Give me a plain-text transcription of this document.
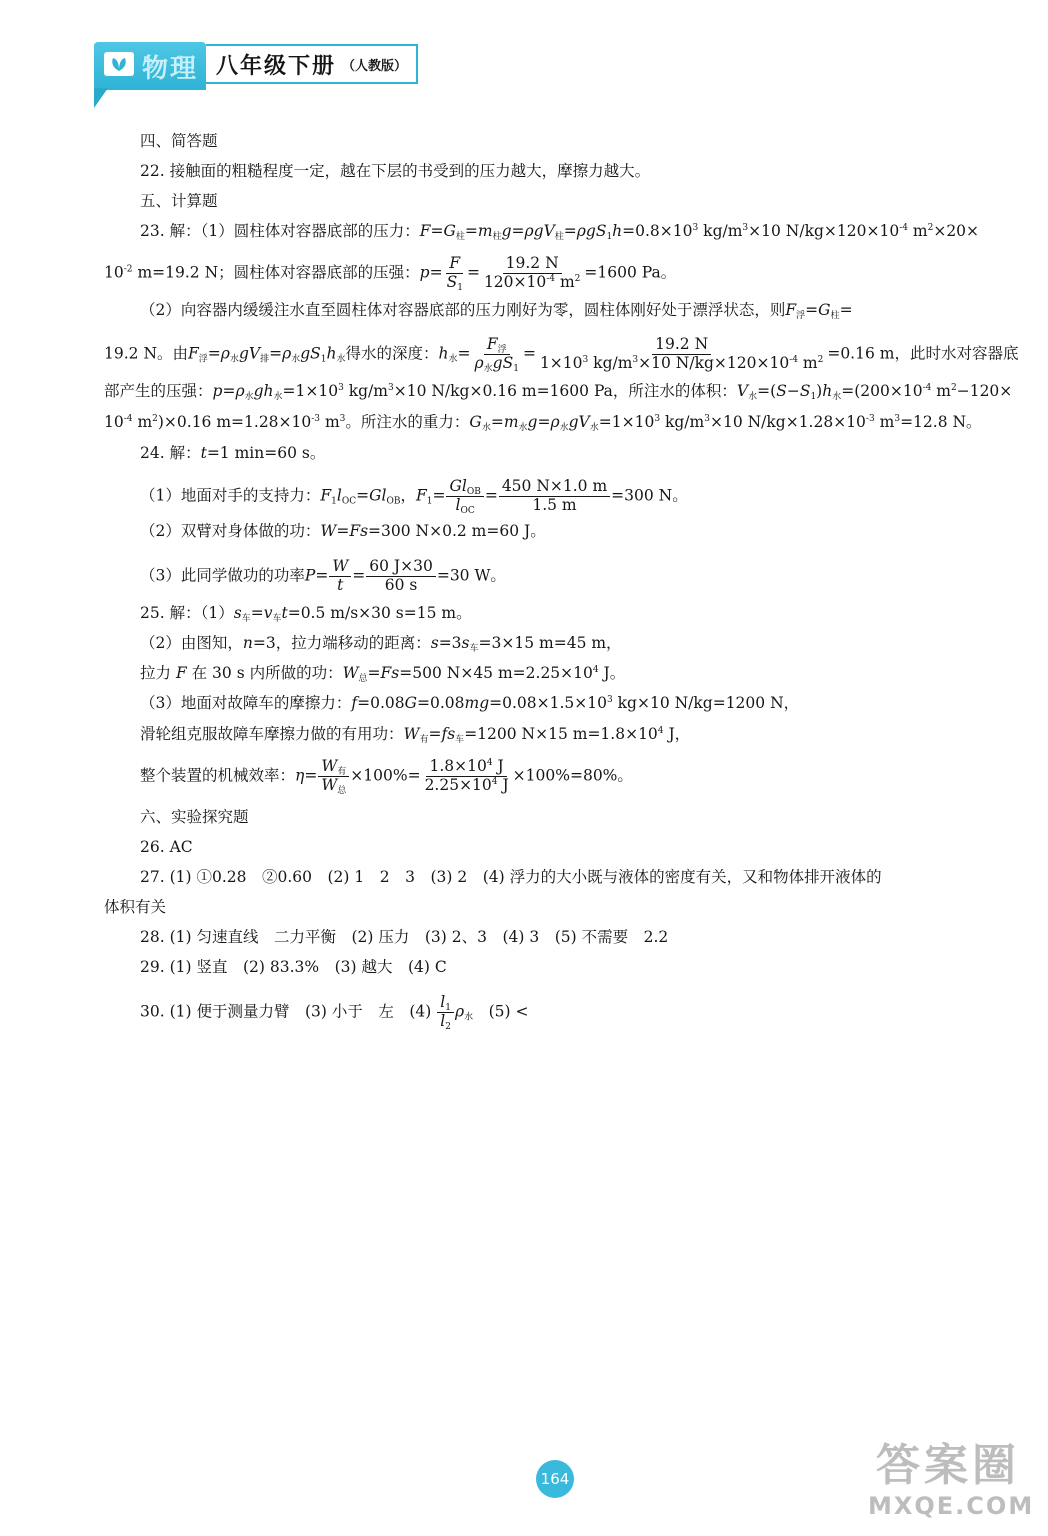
物理 八年级下册 （人教版）
四、简答题
22. 接触面的粗糙程度一定，越在下层的书受到的压力越大，摩擦力越大。
五、计算题
23. 解：（1）圆柱体对容器底部的压力：$F=G_柱=m_柱g=\rho gV_柱=\rho gS_1h=0.8\times 10^3$ $kg/m^3\times 10$ $N/kg\times 120\times 10^{-4}$ $m^2\times 20\times$
$10^{-2}$ m=19.2 N；圆柱体对容器底部的压强：$p= \frac{F}{S_1} = \frac{19.2 N}{120\times 10^{-4} m^2} =1600$ Pa。
（2）向容器内缓缓注水直至圆柱体对容器底部的压力刚好为零，圆柱体刚好处于漂浮状态，则$F_浮=G_柱=$
19.2 N。由$F_浮=\rho_水gV_排=\rho_水gS_1h_水$得水的深度：$h_水= \frac{F_浮}{\rho_水gS_1} = \frac{19.2 N}{1\times 10^3 kg/m^3\times 10 N/kg\times 120\times 10^{-4} m^2} =0.16$ m，此时水对容器底
部产生的压强：$p=\rho_水gh_水=1\times 10^3$ $kg/m^3\times 10$ N/kg×0.16 m=1600 Pa，所注水的体积：$V_水=(S-S_1)h_水=(200\times 10^{-4}$ $m^2-120\times$
$10^{-4}$ $m^2)\times 0.16$ $m=1.28\times 10^{-3}$ $m^3$。所注水的重力：$G_水=m_水g=\rho_水gV_水=1\times 10^3$ $kg/m^3\times 10$ $N/kg\times 1.28\times 10^{-3}$ $m^3=12.8$ N。
24. 解：t=1 min=60 s。
（1）地面对手的支持力：$F_1l_{OC}=Gl_{OB}$，$F_1= \frac{Gl_{OB}}{l_{OC}} = \frac{450 N\times 1.0 m}{1.5 m} =300$ N。
（2）双臂对身体做的功：W=Fs=300 N×0.2 m=60 J。
（3）此同学做功的功率$P= \frac{W}{t} = \frac{60 J\times 30}{60 s} =30$ W。
25. 解：$(1)s_车=v_车t=0.5$ m/s×30 s=15 m。
（2）由图知，n=3，拉力端移动的距离：$s=3s_车=3\times 15$ m=45 m，
拉力 F 在 30 s 内所做的功：$W_总=Fs=500$ N×45 $m=2.25\times 10^4$ J。
（3）地面对故障车的摩擦力：$f=0.08G=0.08mg=0.08\times 1.5\times 10^3$ kg×10 N/kg=1200 N，
滑轮组克服故障车摩擦力做的有用功：$W_有=fs_车=1200$ N×15 $m=1.8\times 10^4$ J，
整个装置的机械效率：$\eta= \frac{W_有}{W_总} \times 100\%= \frac{1.8\times 10^4 J}{2.25\times 10^4 J} \times 100\%=80\%$。
六、实验探究题
26. AC
27. (1) ①0.28　②0.60　(2) 1　2　3　(3) 2　(4) 浮力的大小既与液体的密度有关，又和物体排开液体的
体积有关
28. (1) 匀速直线　二力平衡　(2) 压力　(3) 2、3　(4) 3　(5) 不需要　2.2
29. (1) 竖直　(2) 83.3%　(3) 越大　(4) C
30. (1) 便于测量力臂　(3) 小于　左　$(4) \frac{l_1}{l_2} \rho_水$　 (5) <
164	答案圈
MXQE.COM
